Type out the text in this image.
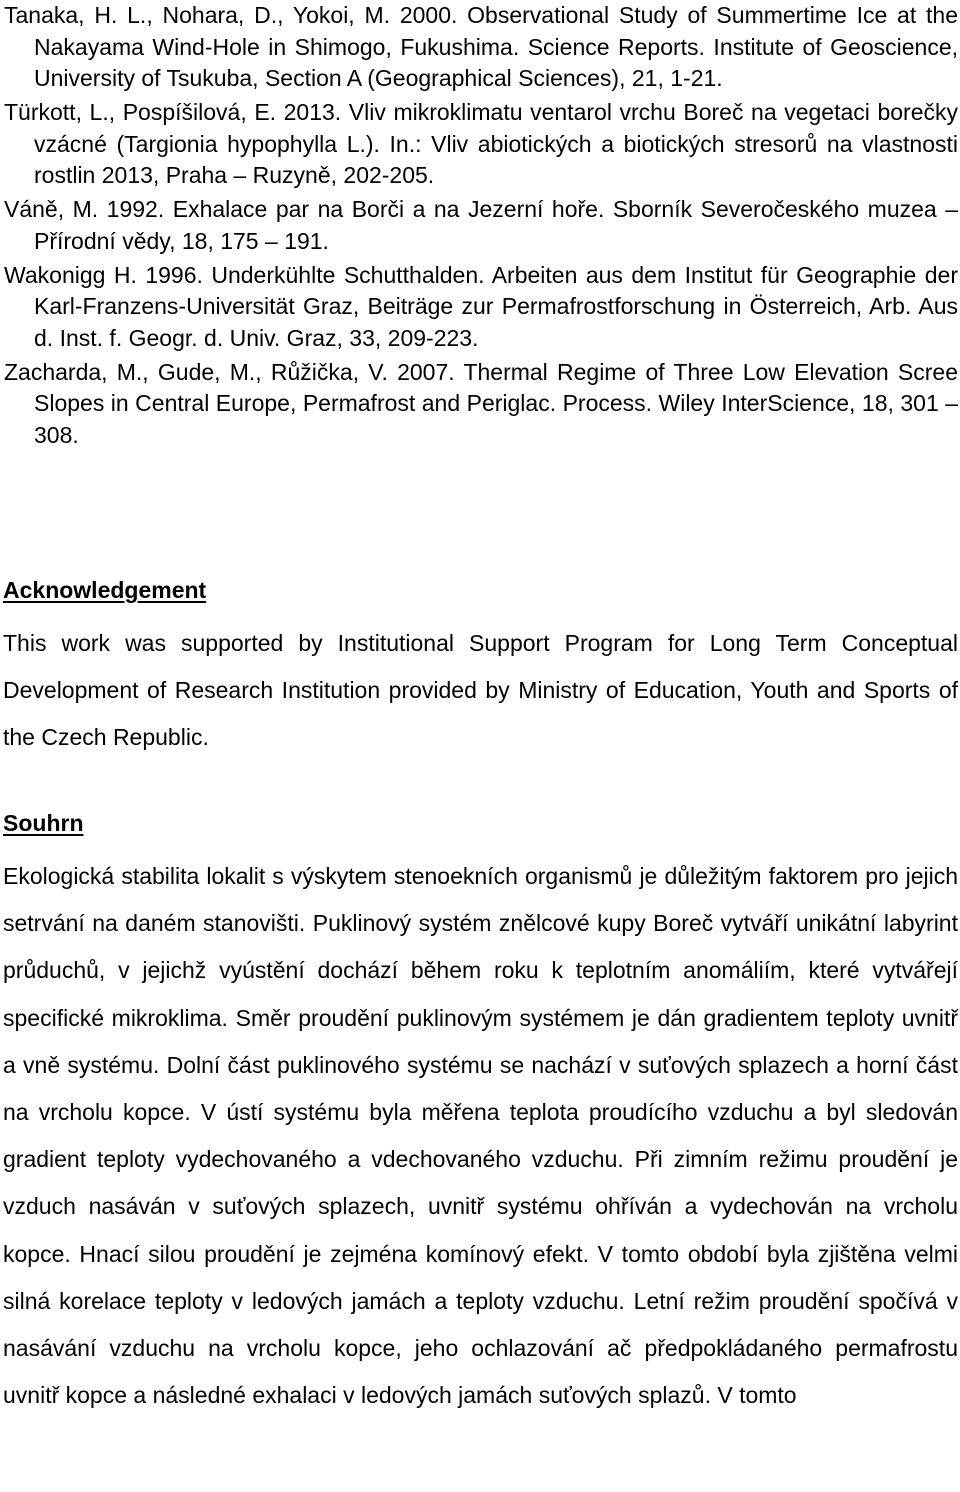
Tanaka, H. L., Nohara, D., Yokoi, M. 2000. Observational Study of Summertime Ice at the Nakayama Wind-Hole in Shimogo, Fukushima. Science Reports. Institute of Geoscience, University of Tsukuba, Section A (Geographical Sciences), 21, 1-21.

Türkott, L., Pospíšilová, E. 2013. Vliv mikroklimatu ventarol vrchu Boreč na vegetaci borečky vzácné (Targionia hypophylla L.). In.: Vliv abiotických a biotických stresorů na vlastnosti rostlin 2013, Praha – Ruzyně, 202-205.

Váně, M. 1992. Exhalace par na Borči a na Jezerní hoře. Sborník Severočeského muzea – Přírodní vědy, 18, 175 – 191.

Wakonigg H. 1996. Underkühlte Schutthalden. Arbeiten aus dem Institut für Geographie der Karl-Franzens-Universität Graz, Beiträge zur Permafrostforschung in Österreich, Arb. Aus d. Inst. f. Geogr. d. Univ. Graz, 33, 209-223.

Zacharda, M., Gude, M., Růžička, V. 2007. Thermal Regime of Three Low Elevation Scree Slopes in Central Europe, Permafrost and Periglac. Process. Wiley InterScience, 18, 301 – 308.

Acknowledgement

This work was supported by Institutional Support Program for Long Term Conceptual Development of Research Institution provided by Ministry of Education, Youth and Sports of the Czech Republic.

Souhrn

Ekologická stabilita lokalit s výskytem stenoekních organismů je důležitým faktorem pro jejich setrvání na daném stanovišti. Puklinový systém znělcové kupy Boreč vytváří unikátní labyrint průduchů, v jejichž vyústění dochází během roku k teplotním anomáliím, které vytvářejí specifické mikroklima. Směr proudění puklinovým systémem je dán gradientem teploty uvnitř a vně systému. Dolní část puklinového systému se nachází v suťových splazech a horní část na vrcholu kopce. V ústí systému byla měřena teplota proudícího vzduchu a byl sledován gradient teploty vydechovaného a vdechovaného vzduchu. Při zimním režimu proudění je vzduch nasáván v suťových splazech, uvnitř systému ohříván a vydechován na vrcholu kopce. Hnací silou proudění je zejména komínový efekt. V tomto období byla zjištěna velmi silná korelace teploty v ledových jamách a teploty vzduchu. Letní režim proudění spočívá v nasávání vzduchu na vrcholu kopce, jeho ochlazování ač předpokládaného permafrostu uvnitř kopce a následné exhalaci v ledových jamách suťových splazů. V tomto
